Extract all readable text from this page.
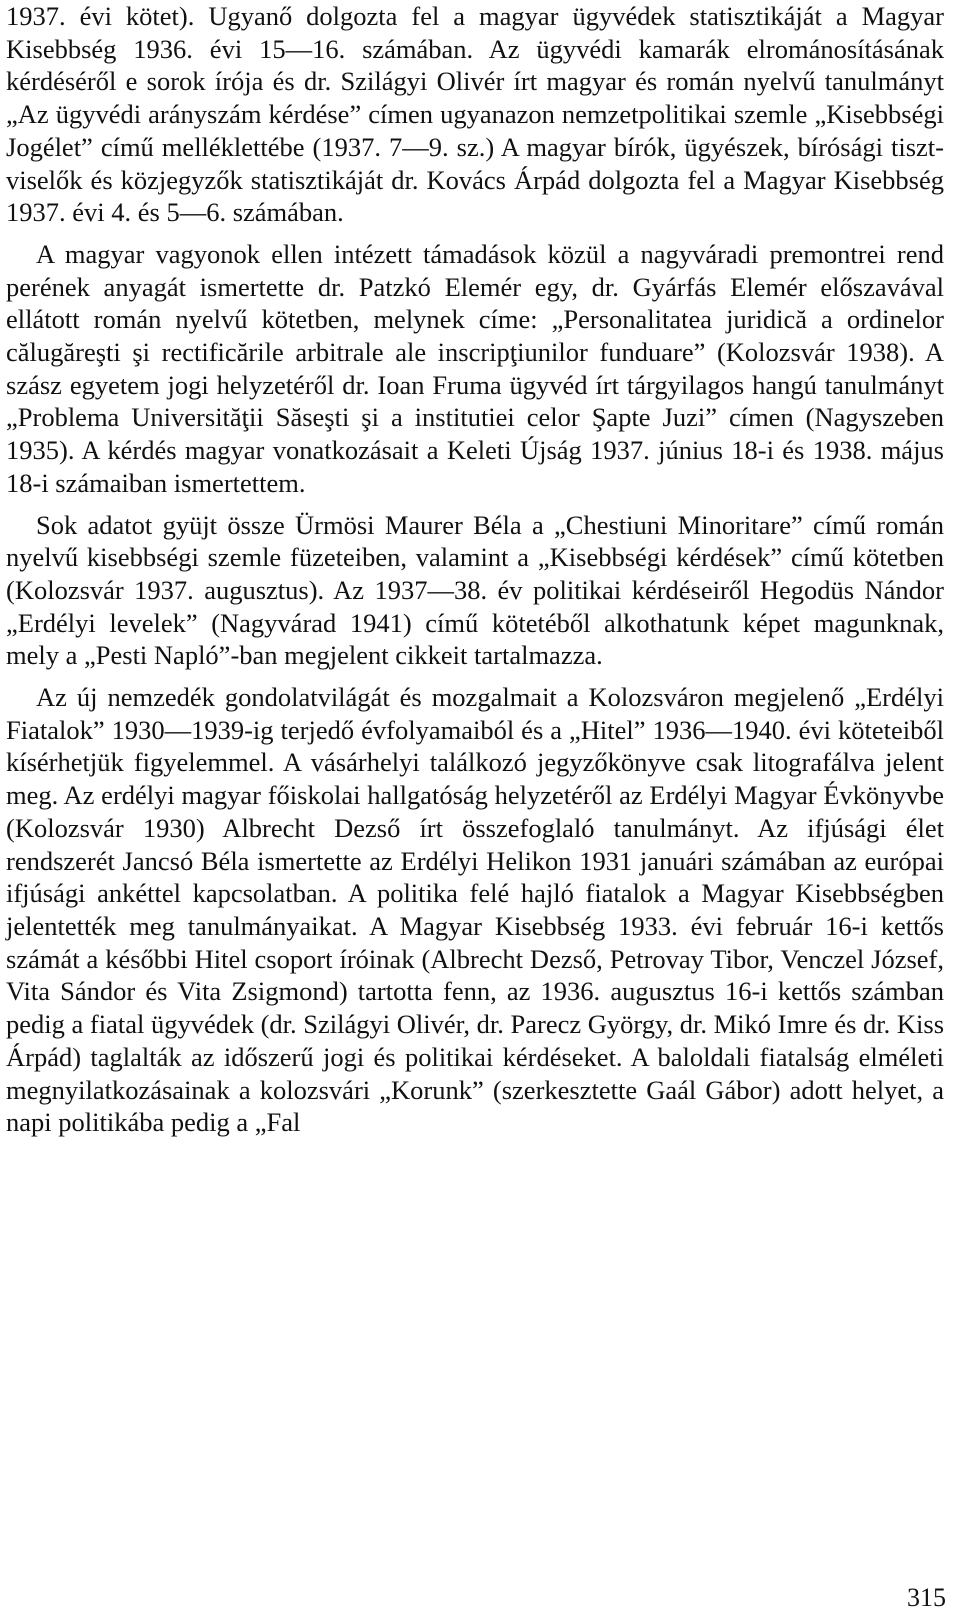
1937. évi kötet). Ugyanő dolgozta fel a magyar ügyvédek statisztikáját a Magyar Kisebbség 1936. évi 15—16. számában. Az ügyvédi kamarák elrománosításának kérdéséről e sorok írója és dr. Szilágyi Olivér írt magyar és román nyelvű tanulmányt „Az ügyvédi arányszám kérdése” címen ugyanazon nemzetpolitikai szemle „Kisebbségi Jogélet” című melléklettébe (1937. 7—9. sz.) A magyar bírók, ügyészek, bírósági tisztviselők és közjegyzők statisztikáját dr. Kovács Árpád dolgozta fel a Magyar Kisebbség 1937. évi 4. és 5—6. számában.

A magyar vagyonok ellen intézett támadások közül a nagyváradi premontrei rend perének anyagát ismertette dr. Patzkó Elemér egy, dr. Gyárfás Elemér előszavával ellátott román nyelvű kötetben, melynek címe: „Personalitatea juridică a ordinelor călugăreşti şi rectificările arbitrale ale inscripţiunilor funduare” (Kolozsvár 1938). A szász egyetem jogi helyzetéről dr. Ioan Fruma ügyvéd írt tárgyilagos hangú tanulmányt „Problema Universităţii Săseşti şi a institutiei celor Şapte Juzi” címen (Nagyszeben 1935). A kérdés magyar vonatkozásait a Keleti Újság 1937. június 18-i és 1938. május 18-i számaiban ismertettem.

Sok adatot gyüjt össze Ürmösi Maurer Béla a „Chestiuni Minoritare” című román nyelvű kisebbségi szemle füzeteiben, valamint a „Kisebbségi kérdések” című kötetben (Kolozsvár 1937. augusztus). Az 1937—38. év politikai kérdéseiről Hegodüs Nándor „Erdélyi levelek” (Nagyvárad 1941) című kötetéből alkothatunk képet magunknak, mely a „Pesti Napló”-ban megjelent cikkeit tartalmazza.

Az új nemzedék gondolatvilágát és mozgalmait a Kolozsváron megjelenő „Erdélyi Fiatalok” 1930—1939-ig terjedő évfolyamaiból és a „Hitel” 1936—1940. évi köteteiből kísérhetjük figyelemmel. A vásárhelyi találkozó jegyzőkönyve csak litografálva jelent meg. Az erdélyi magyar főiskolai hallgatóság helyzetéről az Erdélyi Magyar Évkönyvbe (Kolozsvár 1930) Albrecht Dezső írt összefoglaló tanulmányt. Az ifjúsági élet rendszerét Jancsó Béla ismertette az Erdélyi Helikon 1931 januári számában az európai ifjúsági ankéttel kapcsolatban. A politika felé hajló fiatalok a Magyar Kisebbségben jelentették meg tanulmányaikat. A Magyar Kisebbség 1933. évi február 16-i kettős számát a későbbi Hitel csoport íróinak (Albrecht Dezső, Petrovay Tibor, Venczel József, Vita Sándor és Vita Zsigmond) tartotta fenn, az 1936. augusztus 16-i kettős számban pedig a fiatal ügyvédek (dr. Szilágyi Olivér, dr. Parecz György, dr. Mikó Imre és dr. Kiss Árpád) taglalták az időszerű jogi és politikai kérdéseket. A baloldali fiatalság elméleti megnyilatkozásainak a kolozsvári „Korunk” (szerkesztette Gaál Gábor) adott helyet, a napi politikába pedig a „Fal

315
